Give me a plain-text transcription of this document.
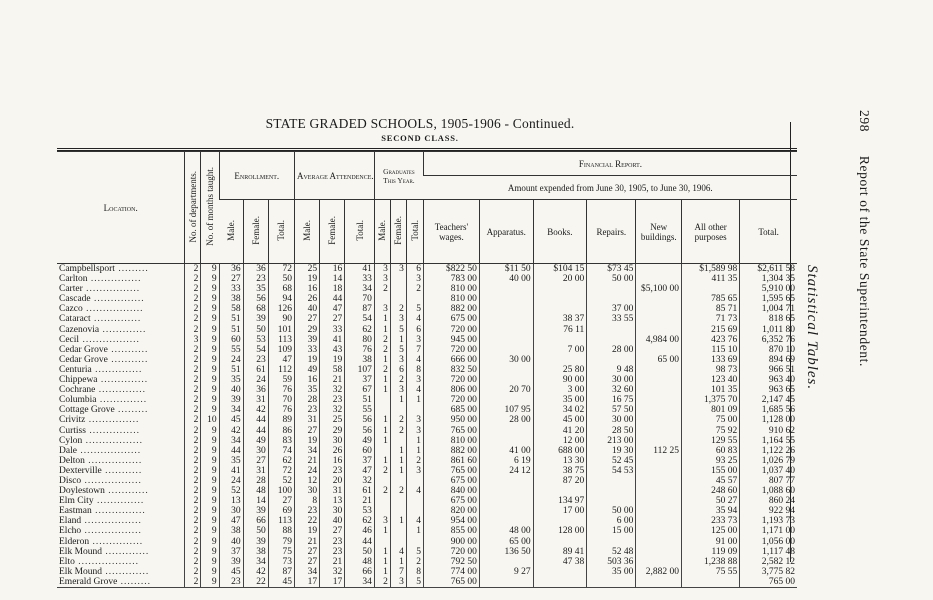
STATE GRADED SCHOOLS, 1905-1906 - Continued.
SECOND CLASS.
298      Report of the State Superintendent.
Statistical Tables.

Location.	No. of departments.	No. of months taught.	Enrollment.			Average Attendence.			Graduates This Year.			Financial Report.						
												Amount expended from June 30, 1905, to June 30, 1906.						
			Male.	Female.	Total.	Male.	Female.	Total.	Male.	Female.	Total.	Teachers' wages.	Apparatus.	Books.	Repairs.	New buildings.	All other purposes	Total.
Campbellsport .........	2	9	36	36	72	25	16	41	3	3	6	$822 50	$11 50	$104 15	$73 45		$1,589 98	$2,611 58
Carlton ...............	2	9	27	23	50	19	14	33	3		3	783 00	40 00	20 00	50 00		411 35	1,304 35
Carter ................	2	9	33	35	68	16	18	34	2		2	810 00				$5,100 00		5,910 00
Cascade ...............	2	9	38	56	94	26	44	70				810 00					785 65	1,595 65
Cazco .................	2	9	58	68	126	40	47	87	3	2	5	882 00			37 00		85 71	1,004 71
Cataract ..............	2	9	51	39	90	27	27	54	1	3	4	675 00		38 37	33 55		71 73	818 65
Cazenovia .............	2	9	51	50	101	29	33	62	1	5	6	720 00		76 11			215 69	1,011 80
Cecil .................	3	9	60	53	113	39	41	80	2	1	3	945 00				4,984 00	423 76	6,352 76
Cedar Grove ...........	2	9	55	54	109	33	43	76	2	5	7	720 00		7 00	28 00		115 10	870 10
Cedar Grove ...........	2	9	24	23	47	19	19	38	1	3	4	666 00	30 00			65 00	133 69	894 69
Centuria ..............	2	9	51	61	112	49	58	107	2	6	8	832 50		25 80	9 48		98 73	966 51
Chippewa ..............	2	9	35	24	59	16	21	37	1	2	3	720 00		90 00	30 00		123 40	963 40
Cochrane ..............	2	9	40	36	76	35	32	67	1	3	4	806 00	20 70	3 00	32 60		101 35	963 65
Columbia ..............	2	9	39	31	70	28	23	51		1	1	720 00		35 00	16 75		1,375 70	2,147 45
Cottage Grove .........	2	9	34	42	76	23	32	55				685 00	107 95	34 02	57 50		801 09	1,685 56
Crivitz ...............	2	10	45	44	89	31	25	56	1	2	3	950 00	28 00	45 00	30 00		75 00	1,128 00
Curtiss ...............	2	9	42	44	86	27	29	56	1	2	3	765 00		41 20	28 50		75 92	910 62
Cylon .................	2	9	34	49	83	19	30	49	1		1	810 00		12 00	213 00		129 55	1,164 55
Dale ..................	2	9	44	30	74	34	26	60		1	1	882 00	41 00	688 00	19 30	112 25	60 83	1,122 26
Delton ................	2	9	35	27	62	21	16	37	1	1	2	861 60	6 19	13 30	52 45		93 25	1,026 79
Dexterville ...........	2	9	41	31	72	24	23	47	2	1	3	765 00	24 12	38 75	54 53		155 00	1,037 40
Disco .................	2	9	24	28	52	12	20	32				675 00		87 20			45 57	807 77
Doylestown ............	2	9	52	48	100	30	31	61	2	2	4	840 00					248 60	1,088 60
Elm City ..............	2	9	13	14	27	8	13	21				675 00		134 97			50 27	860 24
Eastman ...............	2	9	30	39	69	23	30	53				820 00		17 00	50 00		35 94	922 94
Eland .................	2	9	47	66	113	22	40	62	3	1	4	954 00			6 00		233 73	1,193 73
Elcho .................	2	9	38	50	88	19	27	46	1		1	855 00	48 00	128 00	15 00		125 00	1,171 00
Elderon ...............	2	9	40	39	79	21	23	44				900 00	65 00				91 00	1,056 00
Elk Mound .............	2	9	37	38	75	27	23	50	1	4	5	720 00	136 50	89 41	52 48		119 09	1,117 48
Elto ..................	2	9	39	34	73	27	21	48	1	1	2	792 50		47 38	503 36		1,238 88	2,582 12
Elk Mound .............	2	9	45	42	87	34	32	66	1	7	8	774 00	9 27		35 00	2,882 00	75 55	3,775 82
Emerald Grove .........	2	9	23	22	45	17	17	34	2	3	5	765 00						765 00
